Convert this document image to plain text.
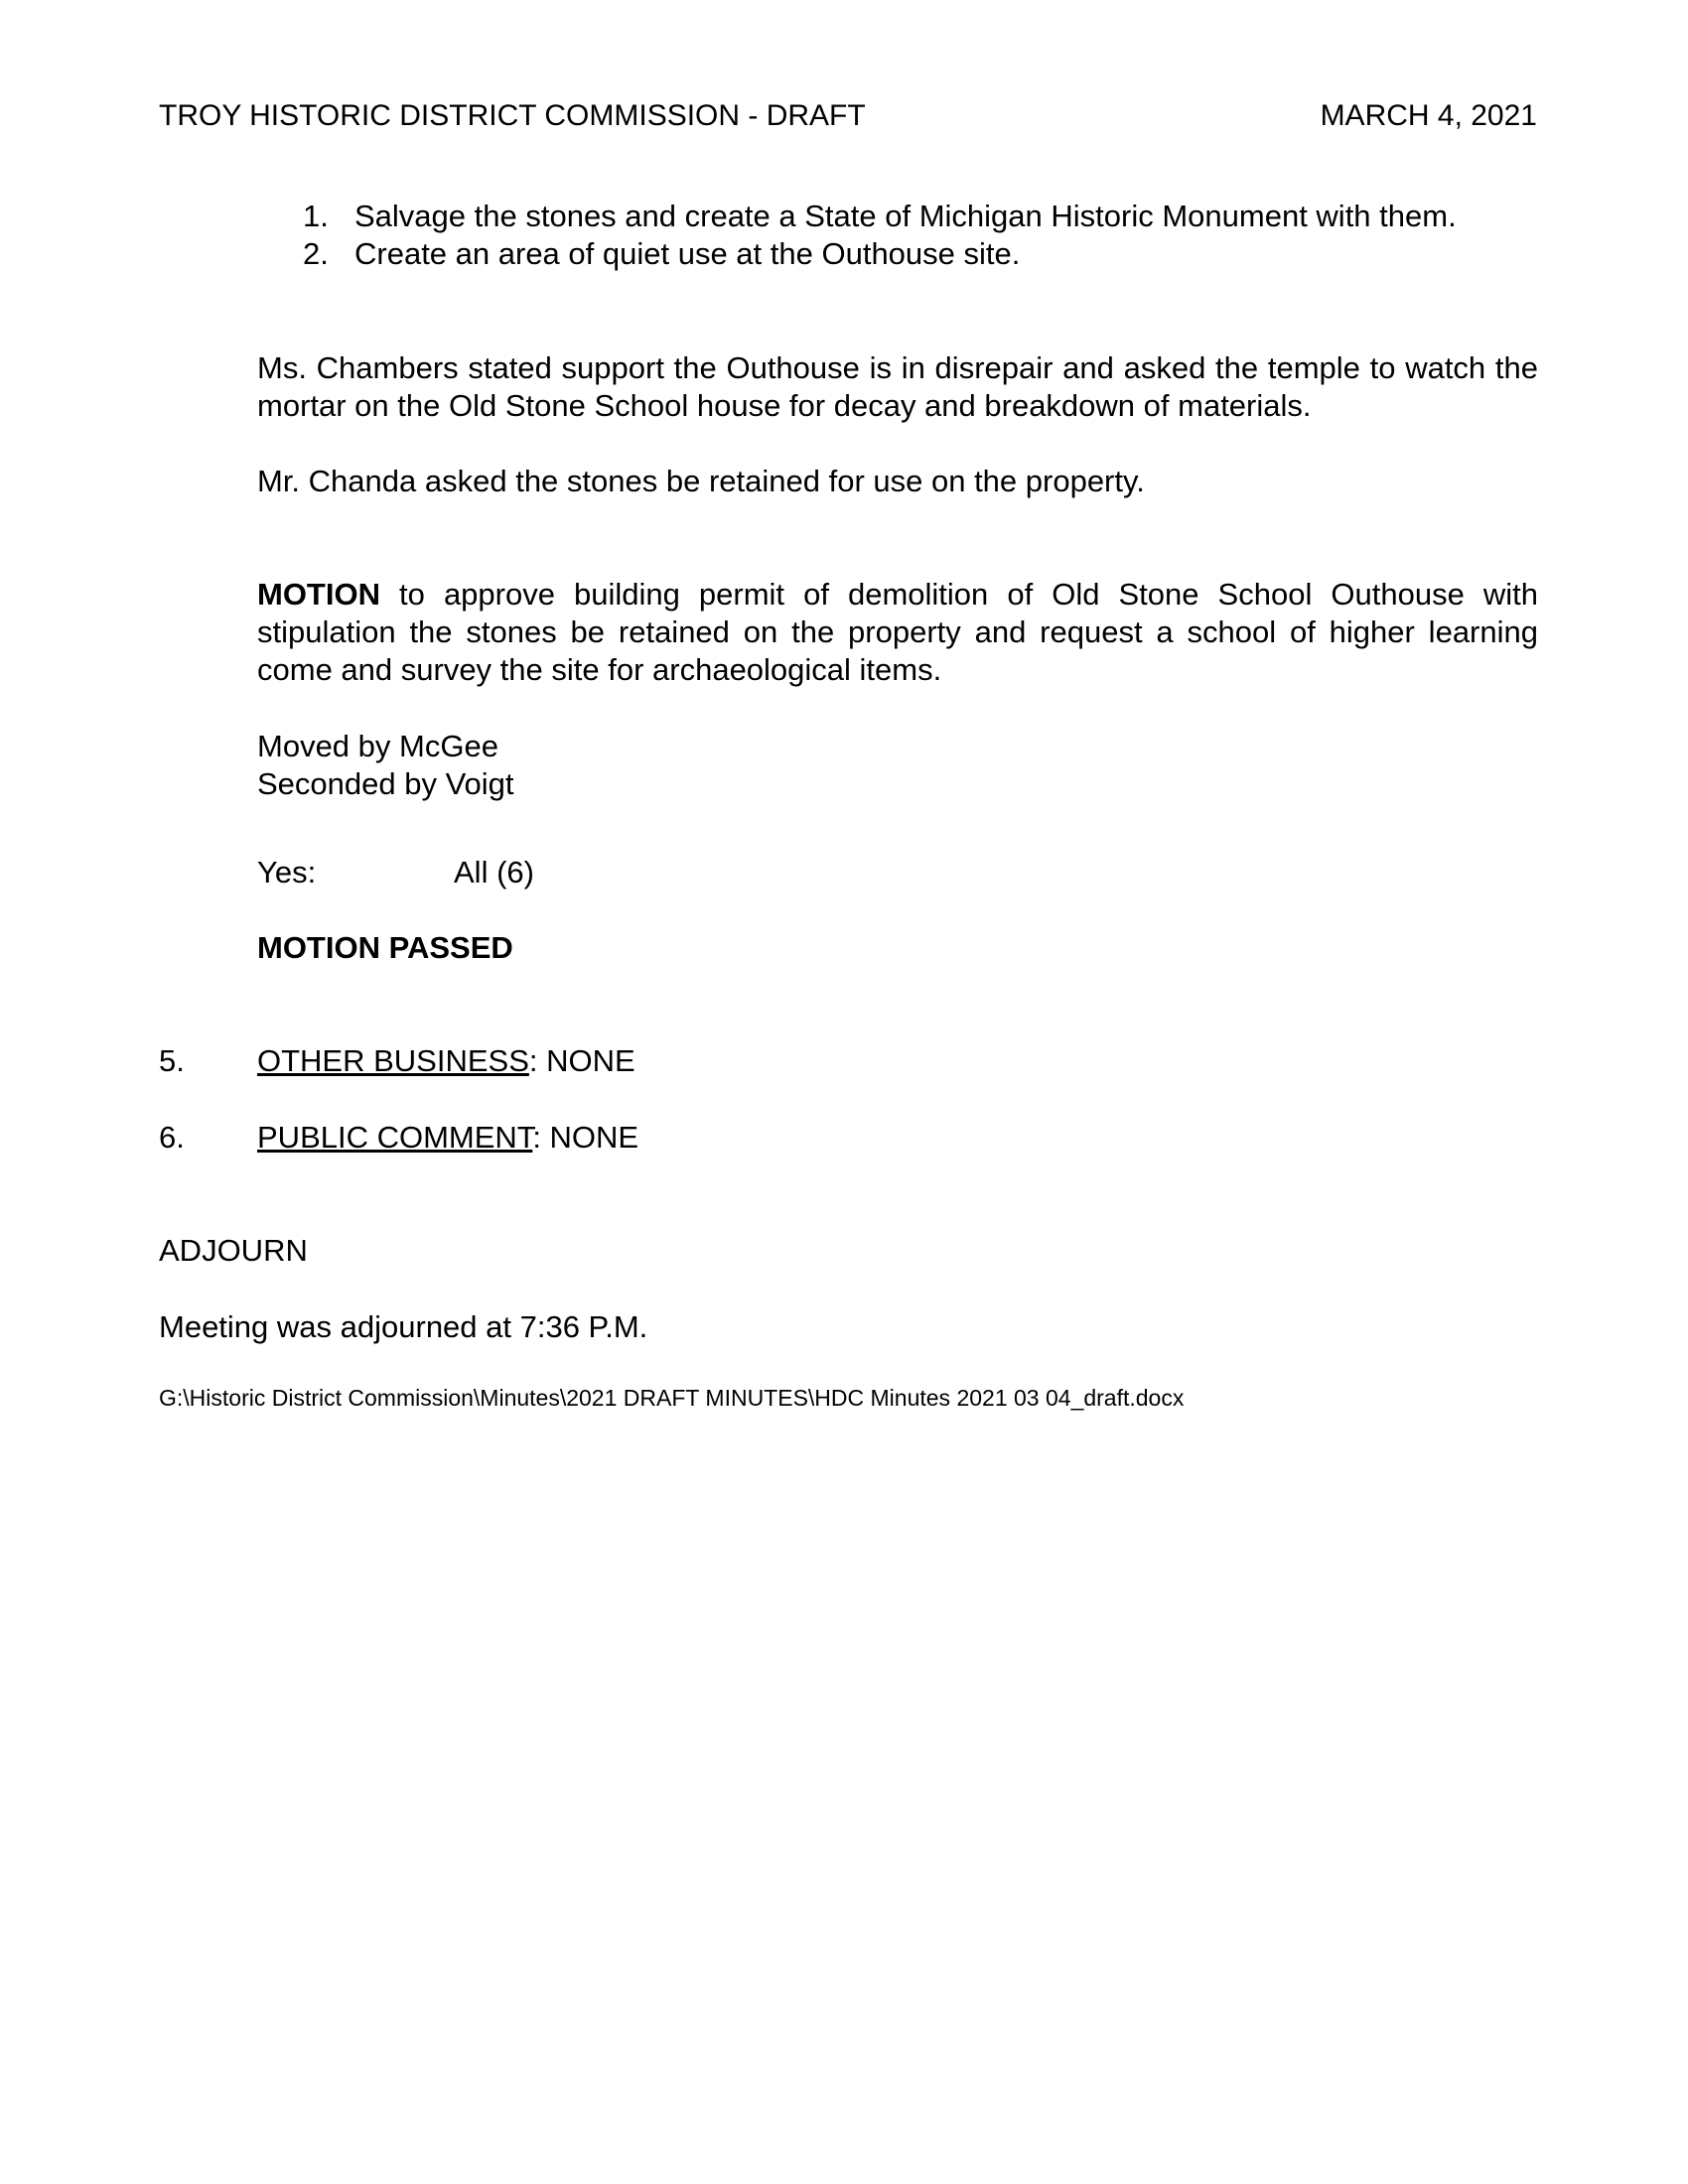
TROY HISTORIC DISTRICT COMMISSION - DRAFT	MARCH 4, 2021
1. Salvage the stones and create a State of Michigan Historic Monument with them.
2. Create an area of quiet use at the Outhouse site.
Ms. Chambers stated support the Outhouse is in disrepair and asked the temple to watch the mortar on the Old Stone School house for decay and breakdown of materials.
Mr. Chanda asked the stones be retained for use on the property.
MOTION to approve building permit of demolition of Old Stone School Outhouse with stipulation the stones be retained on the property and request a school of higher learning come and survey the site for archaeological items.
Moved by McGee
Seconded by Voigt
Yes:	All (6)
MOTION PASSED
5.	OTHER BUSINESS: NONE
6.	PUBLIC COMMENT: NONE
ADJOURN
Meeting was adjourned at 7:36 P.M.
G:\Historic District Commission\Minutes\2021 DRAFT MINUTES\HDC Minutes 2021 03 04_draft.docx
